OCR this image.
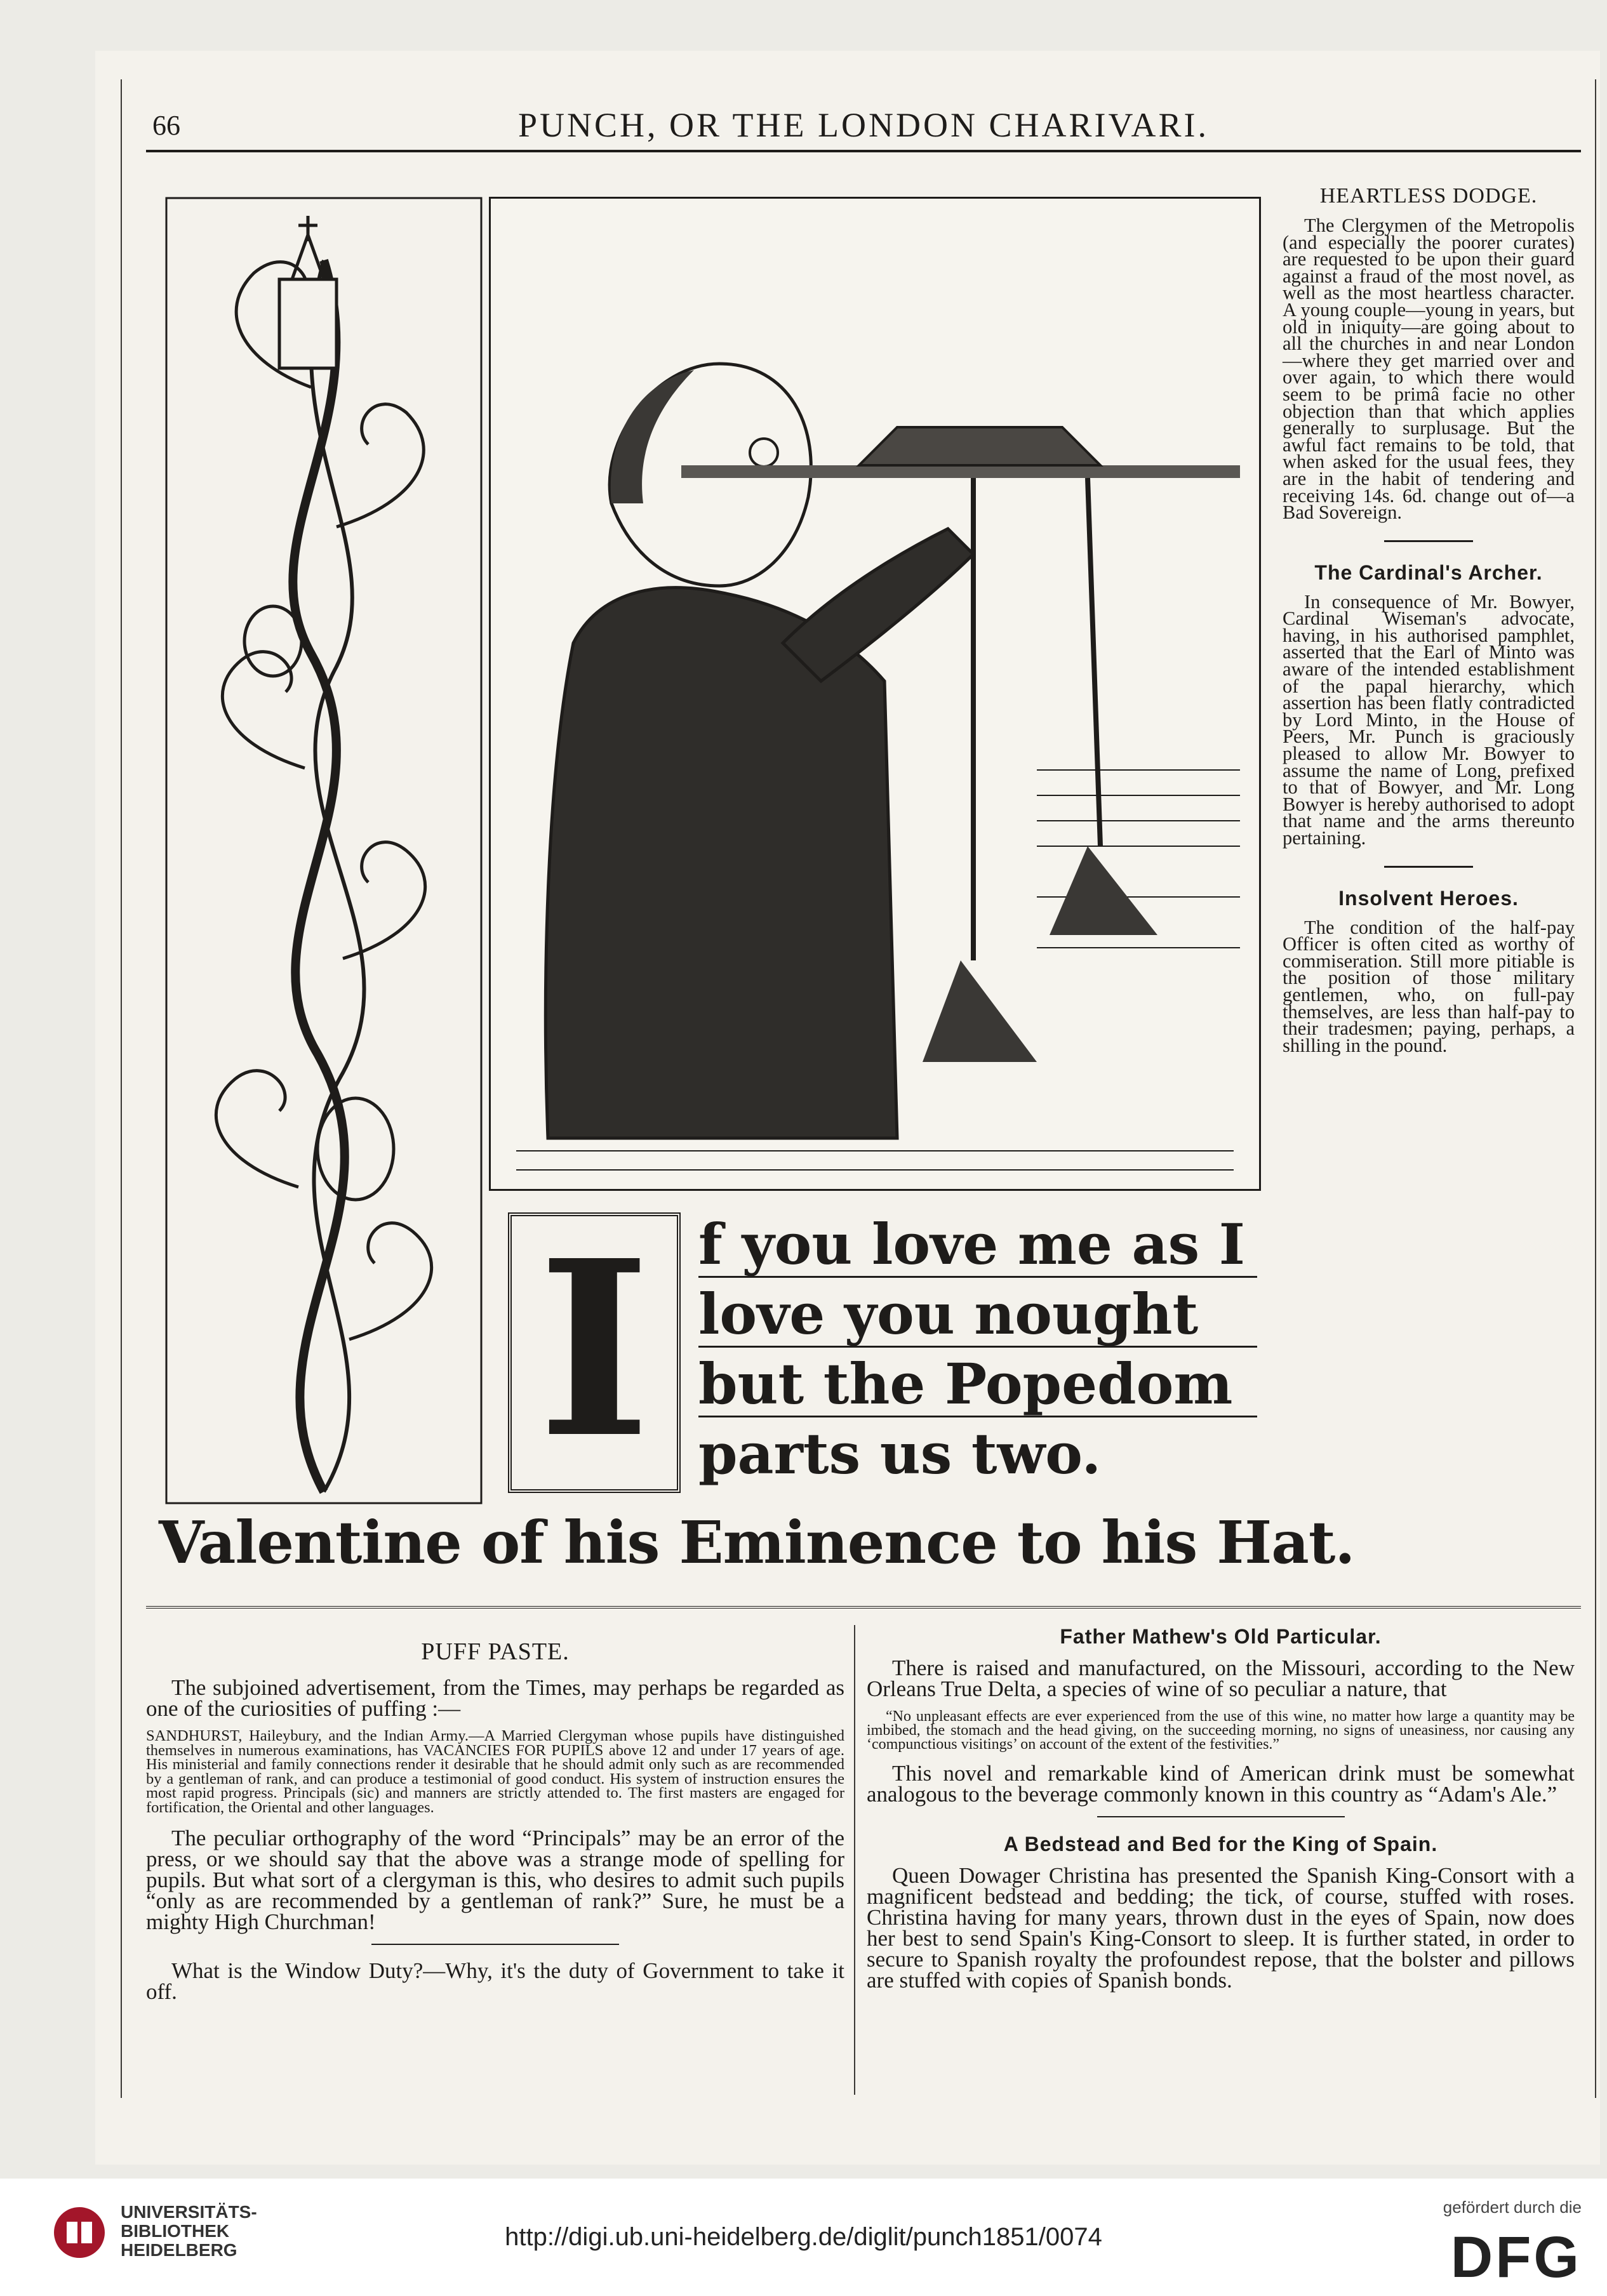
66	PUNCH, OR THE LONDON CHARIVARI.
I f you love me as I
love you nought
but the Popedom
parts us two.
Valentine of his Eminence to his Hat.
HEARTLESS DODGE.

The Clergymen of the Metropolis (and especially the poorer curates) are requested to be upon their guard against a fraud of the most novel, as well as the most heartless character. A young couple—young in years, but old in iniquity—are going about to all the churches in and near London—where they get married over and over again, to which there would seem to be primâ facie no other objection than that which applies generally to surplusage. But the awful fact remains to be told, that when asked for the usual fees, they are in the habit of tendering and receiving 14s. 6d. change out of—a Bad Sovereign.

The Cardinal's Archer.

In consequence of Mr. Bowyer, Cardinal Wiseman's advocate, having, in his authorised pamphlet, asserted that the Earl of Minto was aware of the intended establishment of the papal hierarchy, which assertion has been flatly contradicted by Lord Minto, in the House of Peers, Mr. Punch is graciously pleased to allow Mr. Bowyer to assume the name of Long, prefixed to that of Bowyer, and Mr. Long Bowyer is hereby authorised to adopt that name and the arms thereunto pertaining.

Insolvent Heroes.

The condition of the half-pay Officer is often cited as worthy of commiseration. Still more pitiable is the position of those military gentlemen, who, on full-pay themselves, are less than half-pay to their tradesmen; paying, perhaps, a shilling in the pound.

PUFF PASTE.

The subjoined advertisement, from the Times, may perhaps be regarded as one of the curiosities of puffing :—

SANDHURST, Haileybury, and the Indian Army.—A Married Clergyman whose pupils have distinguished themselves in numerous examinations, has VACANCIES FOR PUPILS above 12 and under 17 years of age. His ministerial and family connections render it desirable that he should admit only such as are recommended by a gentleman of rank, and can produce a testimonial of good conduct. His system of instruction ensures the most rapid progress. Principals (sic) and manners are strictly attended to. The first masters are engaged for fortification, the Oriental and other languages.

The peculiar orthography of the word “Principals” may be an error of the press, or we should say that the above was a strange mode of spelling for pupils. But what sort of a clergyman is this, who desires to admit such pupils “only as are recommended by a gentleman of rank?” Sure, he must be a mighty High Churchman!

What is the Window Duty?—Why, it's the duty of Government to take it off.

Father Mathew's Old Particular.

There is raised and manufactured, on the Missouri, according to the New Orleans True Delta, a species of wine of so peculiar a nature, that

“No unpleasant effects are ever experienced from the use of this wine, no matter how large a quantity may be imbibed, the stomach and the head giving, on the succeeding morning, no signs of uneasiness, nor causing any ‘compunctious visitings’ on account of the extent of the festivities.”

This novel and remarkable kind of American drink must be somewhat analogous to the beverage commonly known in this country as “Adam's Ale.”

A Bedstead and Bed for the King of Spain.

Queen Dowager Christina has presented the Spanish King-Consort with a magnificent bedstead and bedding; the tick, of course, stuffed with roses. Christina having for many years, thrown dust in the eyes of Spain, now does her best to send Spain's King-Consort to sleep. It is further stated, in order to secure to Spanish royalty the profoundest repose, that the bolster and pillows are stuffed with copies of Spanish bonds.

UNIVERSITÄTS-
BIBLIOTHEK
HEIDELBERG	http://digi.ub.uni-heidelberg.de/diglit/punch1851/0074
gefördert durch die
DFG
